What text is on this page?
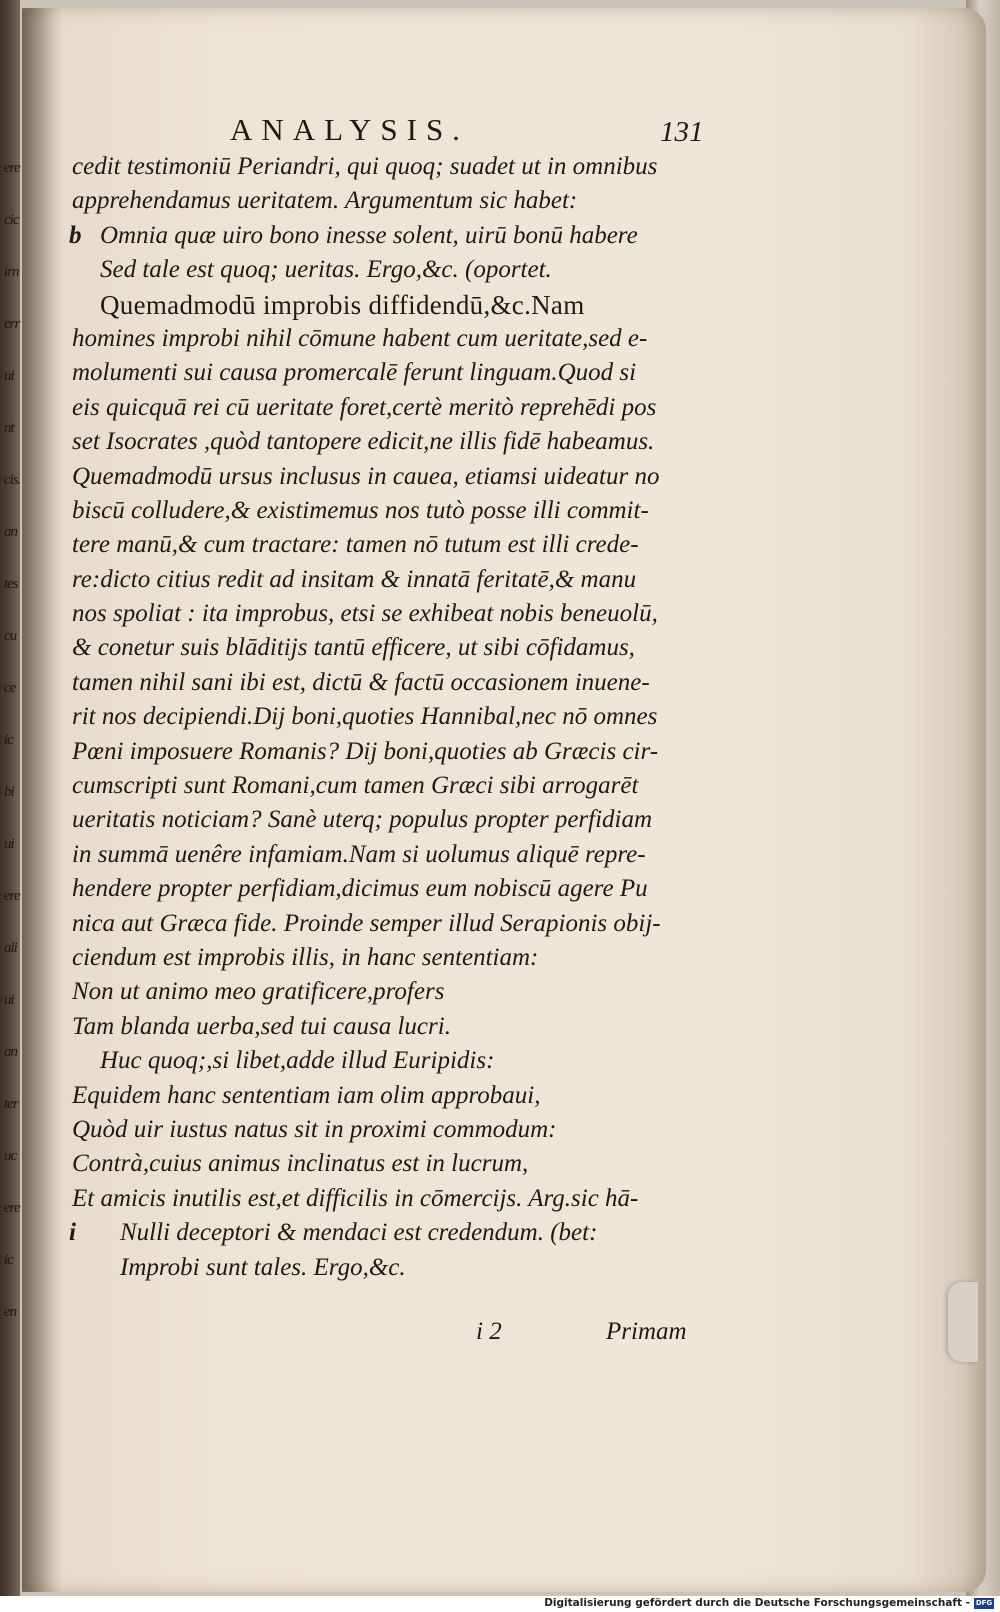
ere
cic
irn
err
ui
nt
cis.
an
tes
cu
ce
ic
bi
ui
ere
ali
ui
an
ter
uc
ere
ic
en
ANALYSIS.	131
cedit testimoniū Periandri, qui quoq; suadet ut in omnibus
apprehendamus ueritatem. Argumentum sic habet:
b Omnia quæ uiro bono inesse solent, uirū bonū habere
Sed tale est quoq; ueritas. Ergo,&c. (oportet.
Quemadmodū improbis diffidendū,&c.Nam
homines improbi nihil cōmune habent cum ueritate,sed e-
molumenti sui causa promercalē ferunt linguam.Quod si
eis quicquā rei cū ueritate foret,certè meritò reprehēdi pos
set Isocrates ,quòd tantopere edicit,ne illis fidē habeamus.
Quemadmodū ursus inclusus in cauea, etiamsi uideatur no
biscū colludere,& existimemus nos tutò posse illi commit-
tere manū,& cum tractare: tamen nō tutum est illi crede-
re:dicto citius redit ad insitam & innatā feritatē,& manu
nos spoliat : ita improbus, etsi se exhibeat nobis beneuolū,
& conetur suis blāditijs tantū efficere, ut sibi cōfidamus,
tamen nihil sani ibi est, dictū & factū occasionem inuene-
rit nos decipiendi.Dij boni,quoties Hannibal,nec nō omnes
Pœni imposuere Romanis? Dij boni,quoties ab Græcis cir-
cumscripti sunt Romani,cum tamen Græci sibi arrogarēt
ueritatis noticiam? Sanè uterq; populus propter perfidiam
in summā uenêre infamiam.Nam si uolumus aliquē repre-
hendere propter perfidiam,dicimus eum nobiscū agere Pu
nica aut Græca fide. Proinde semper illud Serapionis obij-
ciendum est improbis illis, in hanc sententiam:
Non ut animo meo gratificere,profers
Tam blanda uerba,sed tui causa lucri.
Huc quoq;,si libet,adde illud Euripidis:
Equidem hanc sententiam iam olim approbaui,
Quòd uir iustus natus sit in proximi commodum:
Contrà,cuius animus inclinatus est in lucrum,
Et amicis inutilis est,et difficilis in cōmercijs. Arg.sic hā-
i Nulli deceptori & mendaci est credendum. (bet:
Improbi sunt tales. Ergo,&c.
i 2	Primam
Digitalisierung gefördert durch die Deutsche Forschungsgemeinschaft - DFG
